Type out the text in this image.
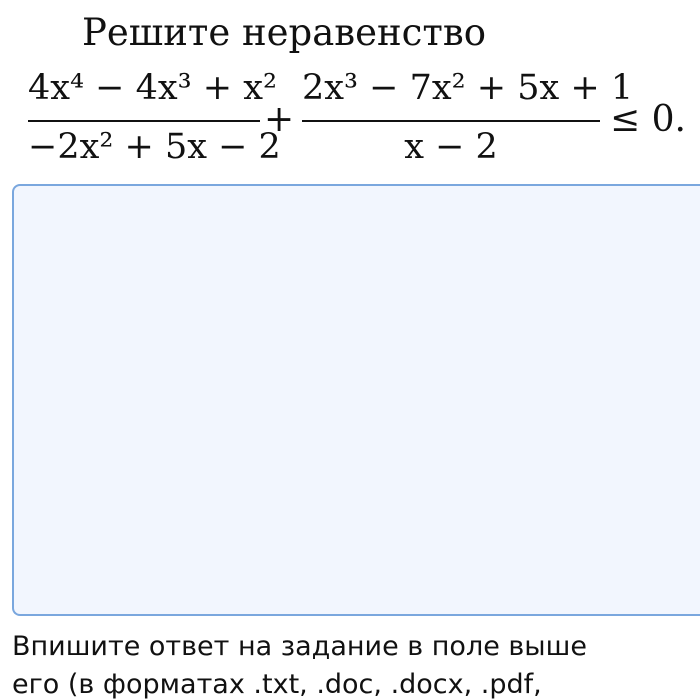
Решите неравенство
4x⁴ − 4x³ + x²
−2x² + 5x − 2
+
2x³ − 7x² + 5x + 1
x − 2
≤ 0.
Впишите ответ на задание в поле выше
его (в форматах .txt, .doc, .docx, .pdf,
